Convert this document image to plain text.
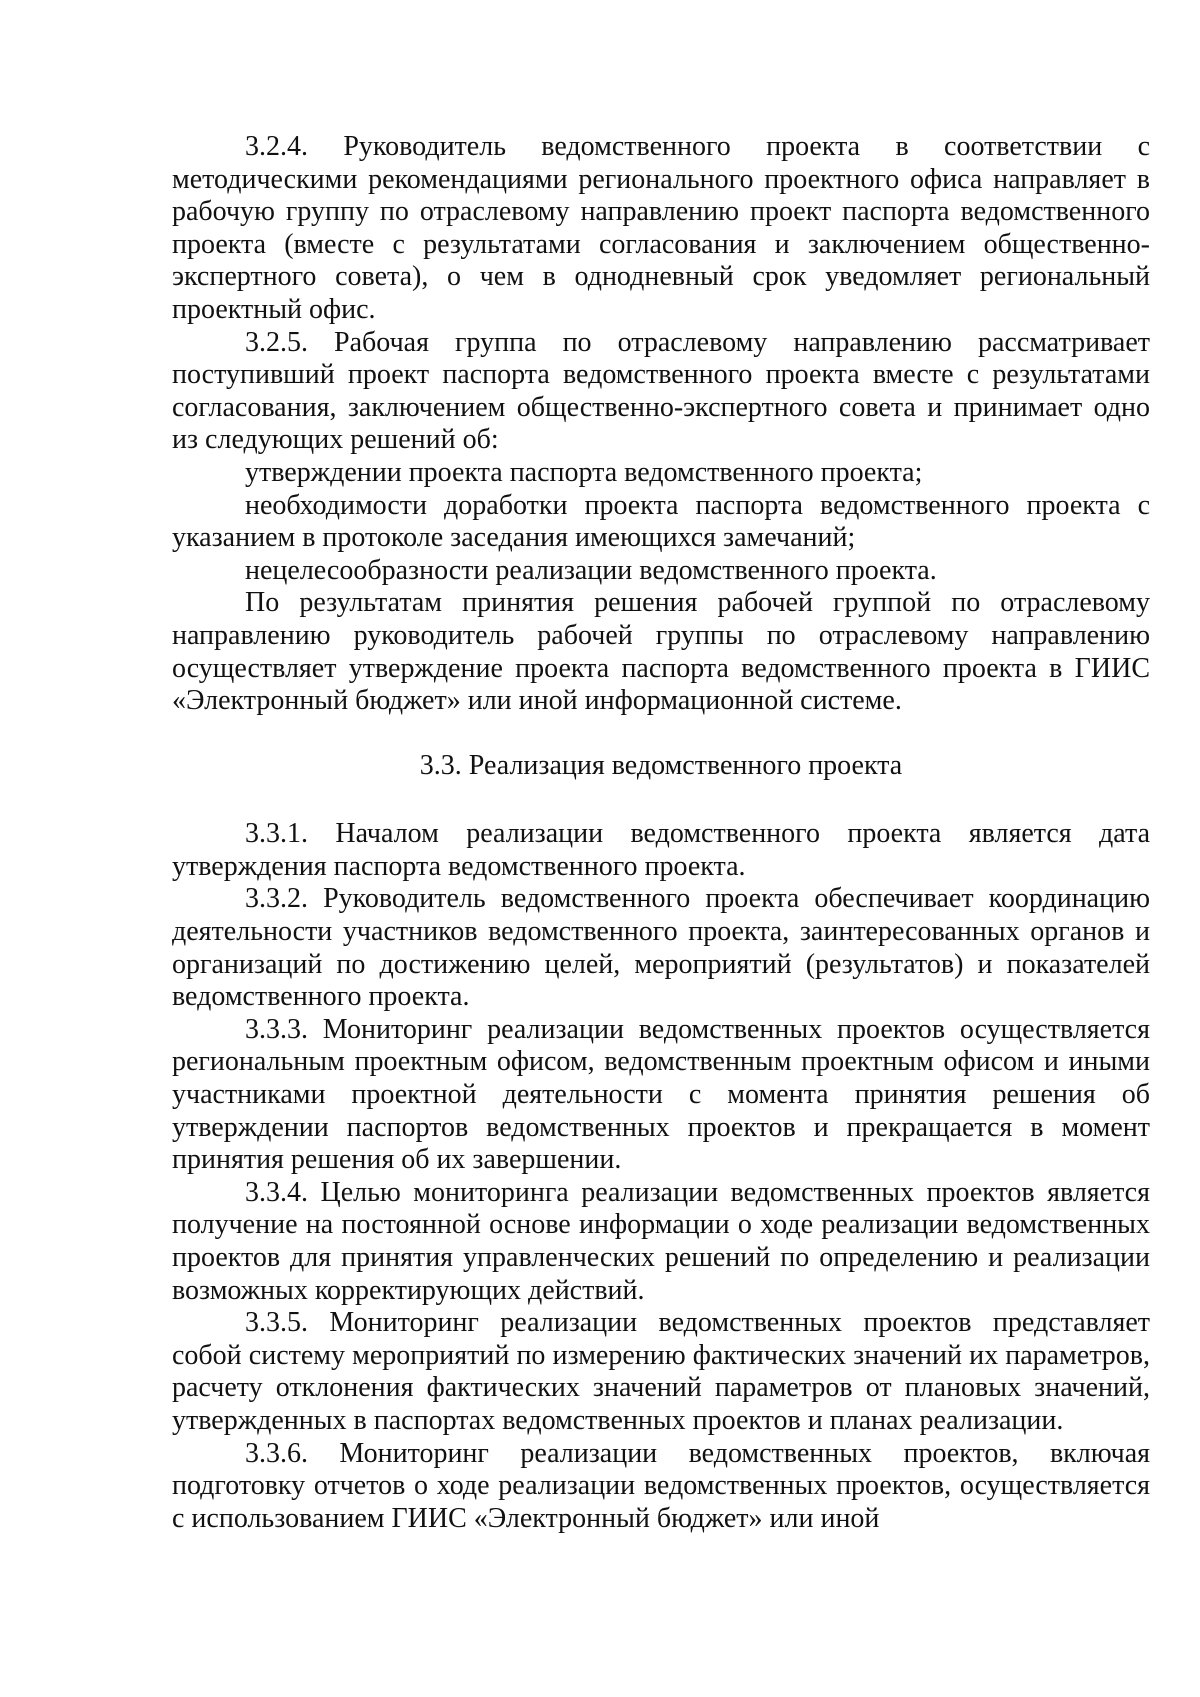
3.2.4. Руководитель ведомственного проекта в соответствии с методическими рекомендациями регионального проектного офиса направляет в рабочую группу по отраслевому направлению проект паспорта ведомственного проекта (вместе с результатами согласования и заключением общественно-экспертного совета), о чем в однодневный срок уведомляет региональный проектный офис.

3.2.5. Рабочая группа по отраслевому направлению рассматривает поступивший проект паспорта ведомственного проекта вместе с результатами согласования, заключением общественно-экспертного совета и принимает одно из следующих решений об:

утверждении проекта паспорта ведомственного проекта;

необходимости доработки проекта паспорта ведомственного проекта с указанием в протоколе заседания имеющихся замечаний;

нецелесообразности реализации ведомственного проекта.

По результатам принятия решения рабочей группой по отраслевому направлению руководитель рабочей группы по отраслевому направлению осуществляет утверждение проекта паспорта ведомственного проекта в ГИИС «Электронный бюджет» или иной информационной системе.

3.3. Реализация ведомственного проекта

3.3.1. Началом реализации ведомственного проекта является дата утверждения паспорта ведомственного проекта.

3.3.2. Руководитель ведомственного проекта обеспечивает координацию деятельности участников ведомственного проекта, заинтересованных органов и организаций по достижению целей, мероприятий (результатов) и показателей ведомственного проекта.

3.3.3. Мониторинг реализации ведомственных проектов осуществляется региональным проектным офисом, ведомственным проектным офисом и иными участниками проектной деятельности с момента принятия решения об утверждении паспортов ведомственных проектов и прекращается в момент принятия решения об их завершении.

3.3.4. Целью мониторинга реализации ведомственных проектов является получение на постоянной основе информации о ходе реализации ведомственных проектов для принятия управленческих решений по определению и реализации возможных корректирующих действий.

3.3.5. Мониторинг реализации ведомственных проектов представляет собой систему мероприятий по измерению фактических значений их параметров, расчету отклонения фактических значений параметров от плановых значений, утвержденных в паспортах ведомственных проектов и планах реализации.

3.3.6. Мониторинг реализации ведомственных проектов, включая подготовку отчетов о ходе реализации ведомственных проектов, осуществляется с использованием ГИИС «Электронный бюджет» или иной
